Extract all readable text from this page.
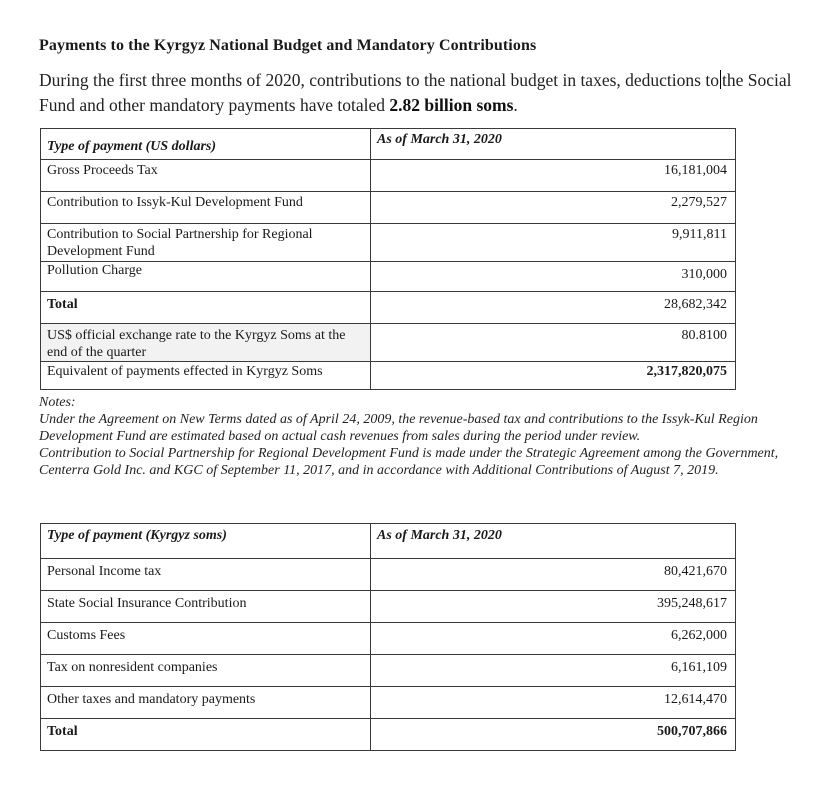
Payments to the Kyrgyz National Budget and Mandatory Contributions
During the first three months of 2020, contributions to the national budget in taxes, deductions to the Social Fund and other mandatory payments have totaled 2.82 billion soms.
Type of payment (US dollars)	As of March 31, 2020
Gross Proceeds Tax	16,181,004
Contribution to Issyk-Kul Development Fund	2,279,527
Contribution to Social Partnership for Regional Development Fund	9,911,811
Pollution Charge	310,000
Total	28,682,342
US$ official exchange rate to the Kyrgyz Soms at the end of the quarter	80.8100
Equivalent of payments effected in Kyrgyz Soms	2,317,820,075
Notes:
Under the Agreement on New Terms dated as of April 24, 2009, the revenue-based tax and contributions to the Issyk-Kul Region Development Fund are estimated based on actual cash revenues from sales during the period under review.
Contribution to Social Partnership for Regional Development Fund is made under the Strategic Agreement among the Government, Centerra Gold Inc. and KGC of September 11, 2017, and in accordance with Additional Contributions of August 7, 2019.
Type of payment (Kyrgyz soms)	As of March 31, 2020
Personal Income tax	80,421,670
State Social Insurance Contribution	395,248,617
Customs Fees	6,262,000
Tax on nonresident companies	6,161,109
Other taxes and mandatory payments	12,614,470
Total	500,707,866
